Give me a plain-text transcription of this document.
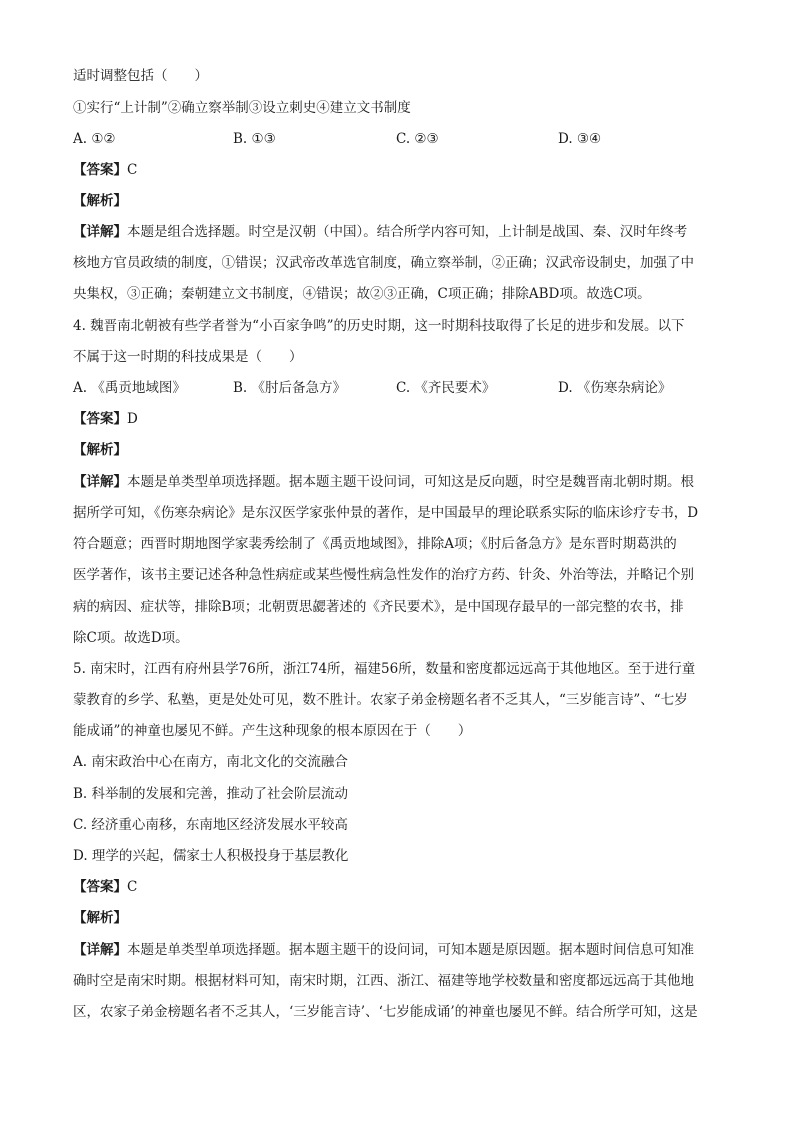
适时调整包括（　　）
①实行“上计制”②确立察举制③设立刺史④建立文书制度
A. ①②	B. ①③	C. ②③	D. ③④
【答案】C
【解析】
【详解】本题是组合选择题。时空是汉朝（中国）。结合所学内容可知，上计制是战国、秦、汉时年终考
核地方官员政绩的制度，①错误；汉武帝改革选官制度，确立察举制，②正确；汉武帝设制史，加强了中
央集权，③正确；秦朝建立文书制度，④错误；故②③正确，C项正确；排除ABD项。故选C项。
4. 魏晋南北朝被有些学者誉为“小百家争鸣”的历史时期，这一时期科技取得了长足的进步和发展。以下
不属于这一时期的科技成果是（　　）
A. 《禹贡地域图》	B. 《肘后备急方》	C. 《齐民要术》	D. 《伤寒杂病论》
【答案】D
【解析】
【详解】本题是单类型单项选择题。据本题主题干设问词，可知这是反向题，时空是魏晋南北朝时期。根
据所学可知，《伤寒杂病论》是东汉医学家张仲景的著作，是中国最早的理论联系实际的临床诊疗专书，D
符合题意；西晋时期地图学家裴秀绘制了《禹贡地域图》，排除A项；《肘后备急方》是东晋时期葛洪的
医学著作，该书主要记述各种急性病症或某些慢性病急性发作的治疗方药、针灸、外治等法，并略记个别
病的病因、症状等，排除B项；北朝贾思勰著述的《齐民要术》，是中国现存最早的一部完整的农书，排
除C项。故选D项。
5. 南宋时，江西有府州县学76所，浙江74所，福建56所，数量和密度都远远高于其他地区。至于进行童
蒙教育的乡学、私塾，更是处处可见，数不胜计。农家子弟金榜题名者不乏其人，“三岁能言诗”、“七岁
能成诵”的神童也屡见不鲜。产生这种现象的根本原因在于（　　）
A. 南宋政治中心在南方，南北文化的交流融合
B. 科举制的发展和完善，推动了社会阶层流动
C. 经济重心南移，东南地区经济发展水平较高
D. 理学的兴起，儒家士人积极投身于基层教化
【答案】C
【解析】
【详解】本题是单类型单项选择题。据本题主题干的设问词，可知本题是原因题。据本题时间信息可知准
确时空是南宋时期。根据材料可知，南宋时期，江西、浙江、福建等地学校数量和密度都远远高于其他地
区，农家子弟金榜题名者不乏其人，‘三岁能言诗’、‘七岁能成诵’的神童也屡见不鲜。结合所学可知，这是
